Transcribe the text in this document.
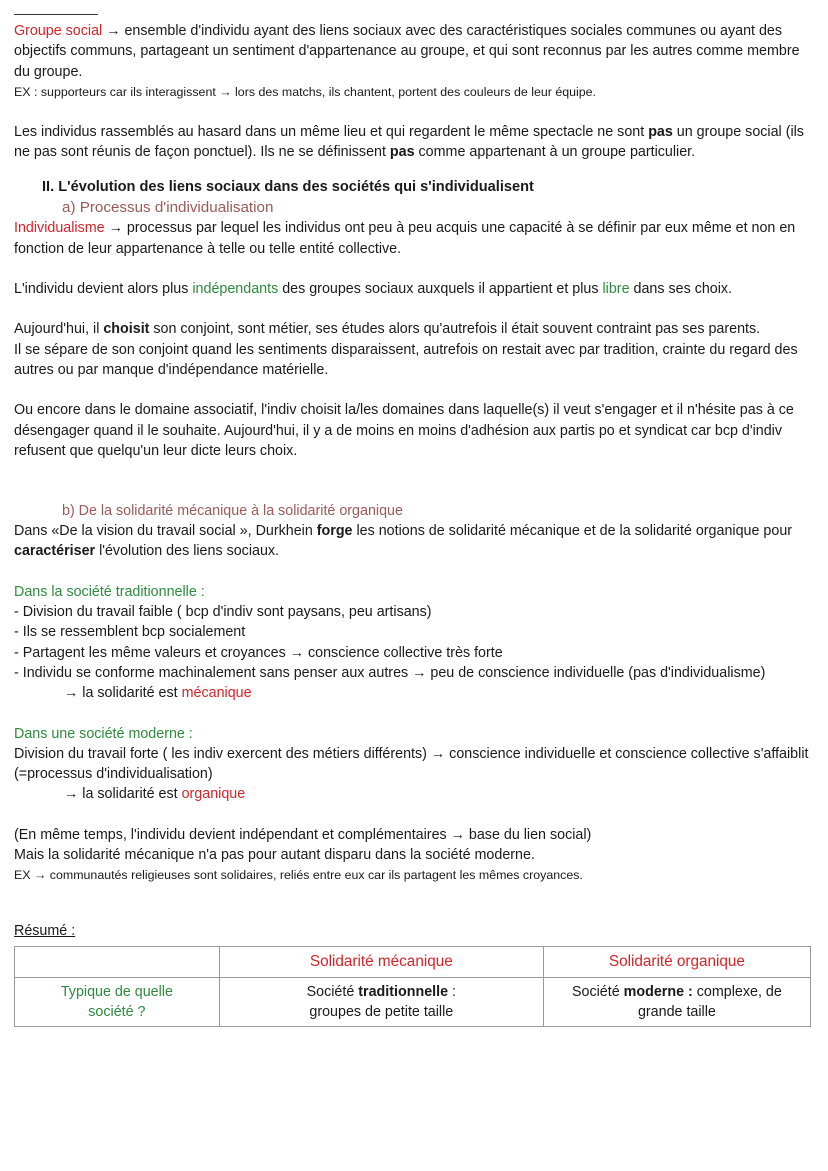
Groupe social → ensemble d'individu ayant des liens sociaux avec des caractéristiques sociales communes ou ayant des objectifs communs, partageant un sentiment d'appartenance au groupe, et qui sont reconnus par les autres comme membre du groupe.

EX : supporteurs car ils interagissent → lors des matchs, ils chantent, portent des couleurs de leur équipe.

Les individus rassemblés au hasard dans un même lieu et qui regardent le même spectacle ne sont pas un groupe social (ils ne pas sont réunis de façon ponctuel). Ils ne se définissent pas comme appartenant à un groupe particulier.

II. L'évolution des liens sociaux dans des sociétés qui s'individualisent

a) Processus d'individualisation

Individualisme → processus par lequel les individus ont peu à peu acquis une capacité à se définir par eux même et non en fonction de leur appartenance à telle ou telle entité collective.

L'individu devient alors plus indépendants des groupes sociaux auxquels il appartient et plus libre dans ses choix.

Aujourd'hui, il choisit son conjoint, sont métier, ses études alors qu'autrefois il était souvent contraint pas ses parents.

Il se sépare de son conjoint quand les sentiments disparaissent, autrefois on restait avec par tradition, crainte du regard des autres ou par manque d'indépendance matérielle.

Ou encore dans le domaine associatif, l'indiv choisit la/les domaines dans laquelle(s) il veut s'engager et il n'hésite pas à ce désengager quand il le souhaite. Aujourd'hui, il y a de moins en moins d'adhésion aux partis po et syndicat car bcp d'indiv refusent que quelqu'un leur dicte leurs choix.

b) De la solidarité mécanique à la solidarité organique

Dans «De la vision du travail social », Durkhein forge les notions de solidarité mécanique et de la solidarité organique pour caractériser l'évolution des liens sociaux.

Dans la société traditionnelle :

- Division du travail faible ( bcp d'indiv sont paysans, peu artisans)

- Ils se ressemblent bcp socialement

- Partagent les même valeurs et croyances → conscience collective très forte

- Individu se conforme machinalement sans penser aux autres → peu de conscience individuelle (pas d'individualisme)

→ la solidarité est mécanique

Dans une société moderne :

Division du travail forte ( les indiv exercent des métiers différents) → conscience individuelle et conscience collective s'affaiblit (=processus d'individualisation)

→ la solidarité est organique

(En même temps, l'individu devient indépendant et complémentaires → base du lien social)

Mais la solidarité mécanique n'a pas pour autant disparu dans la société moderne.

EX → communautés religieuses sont solidaires, reliés entre eux car ils partagent les mêmes croyances.

Résumé :

	Solidarité mécanique	Solidarité organique

Typique de quelle société ?	Société traditionnelle : groupes de petite taille	Société moderne : complexe, de grande taille
